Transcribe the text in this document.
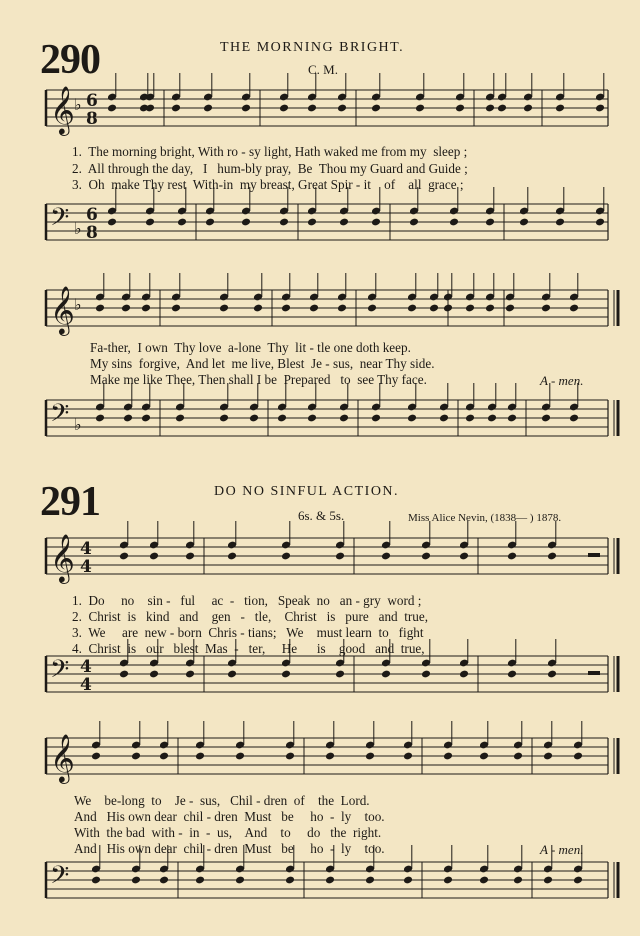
290	THE MORNING BRIGHT.
C. M.
𝄞 ♭ 6
8
1.  The morning bright, With ro - sy light, Hath waked me from my  sleep ;
2.  All through the day,   I   hum-bly pray,  Be  Thou my Guard and Guide ;
3.  Oh  make Thy rest  With-in  my breast, Great Spir - it    of    all  grace ;
𝄢 ♭
6
8
𝄞 ♭
Fa-ther,  I own  Thy love  a-lone  Thy  lit - tle one doth keep.
My sins  forgive,  And let  me live, Blest  Je - sus,  near Thy side.
Make me like Thee, Then shall I be  Prepared   to  see Thy face.	A - men.
𝄢 ♭
291	DO NO SINFUL ACTION.
6s. & 5s.	Miss Alice Nevin, (1838— ) 1878.
𝄞 4
4
1.  Do     no    sin -   ful     ac  -   tion,   Speak  no   an - gry  word ;
2.  Christ  is   kind   and    gen   -   tle,    Christ   is   pure   and  true,
3.  We     are  new - born  Chris - tians;   We    must learn  to   fight
4.  Christ  is   our   blest  Mas  -   ter,     He      is    good   and  true,
𝄢 4
4
𝄞
We    be-long  to    Je -  sus,   Chil - dren  of    the  Lord.
And   His own dear  chil - dren  Must   be     ho  -  ly    too.
With  the bad  with -  in  -  us,    And    to     do   the  right.
And   His own dear  chil - dren  Must   be     ho  -  ly    too.	A - men.
𝄢
